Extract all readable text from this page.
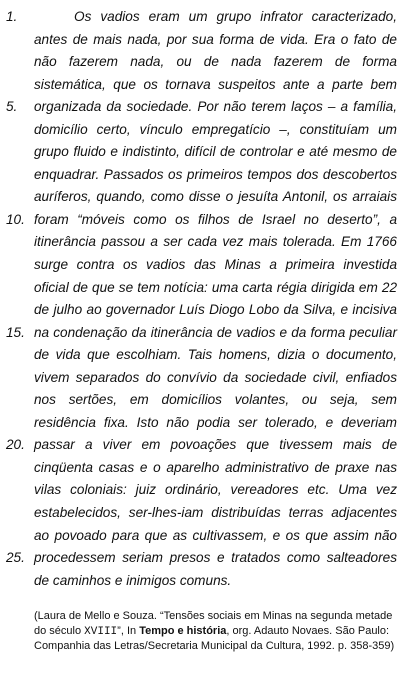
1.	Os vadios eram um grupo infrator caracterizado,
antes de mais nada, por sua forma de vida. Era o fato de
não fazerem nada, ou de nada fazerem de forma
sistemática, que os tornava suspeitos ante a parte bem
5. organizada da sociedade. Por não terem laços – a família,
domicílio certo, vínculo empregatício –, constituíam um
grupo fluido e indistinto, difícil de controlar e até mesmo de
enquadrar. Passados os primeiros tempos dos descobertos
auríferos, quando, como disse o jesuíta Antonil, os arraiais
10. foram “móveis como os filhos de Israel no deserto”, a
itinerância passou a ser cada vez mais tolerada. Em 1766
surge contra os vadios das Minas a primeira investida
oficial de que se tem notícia: uma carta régia dirigida em 22
de julho ao governador Luís Diogo Lobo da Silva, e incisiva
15. na condenação da itinerância de vadios e da forma peculiar
de vida que escolhiam. Tais homens, dizia o documento,
vivem separados do convívio da sociedade civil, enfiados
nos sertões, em domicílios volantes, ou seja, sem
residência fixa. Isto não podia ser tolerado, e deveriam
20. passar a viver em povoações que tivessem mais de
cinqüenta casas e o aparelho administrativo de praxe nas
vilas coloniais: juiz ordinário, vereadores etc. Uma vez
estabelecidos, ser-lhes-iam distribuídas terras adjacentes
ao povoado para que as cultivassem, e os que assim não
25. procedessem seriam presos e tratados como salteadores
de caminhos e inimigos comuns.
(Laura de Mello e Souza. “Tensões sociais em Minas na segunda metade do século XVIII”, In Tempo e história, org. Adauto Novaes. São Paulo: Companhia das Letras/Secretaria Municipal da Cultura, 1992. p. 358-359)
